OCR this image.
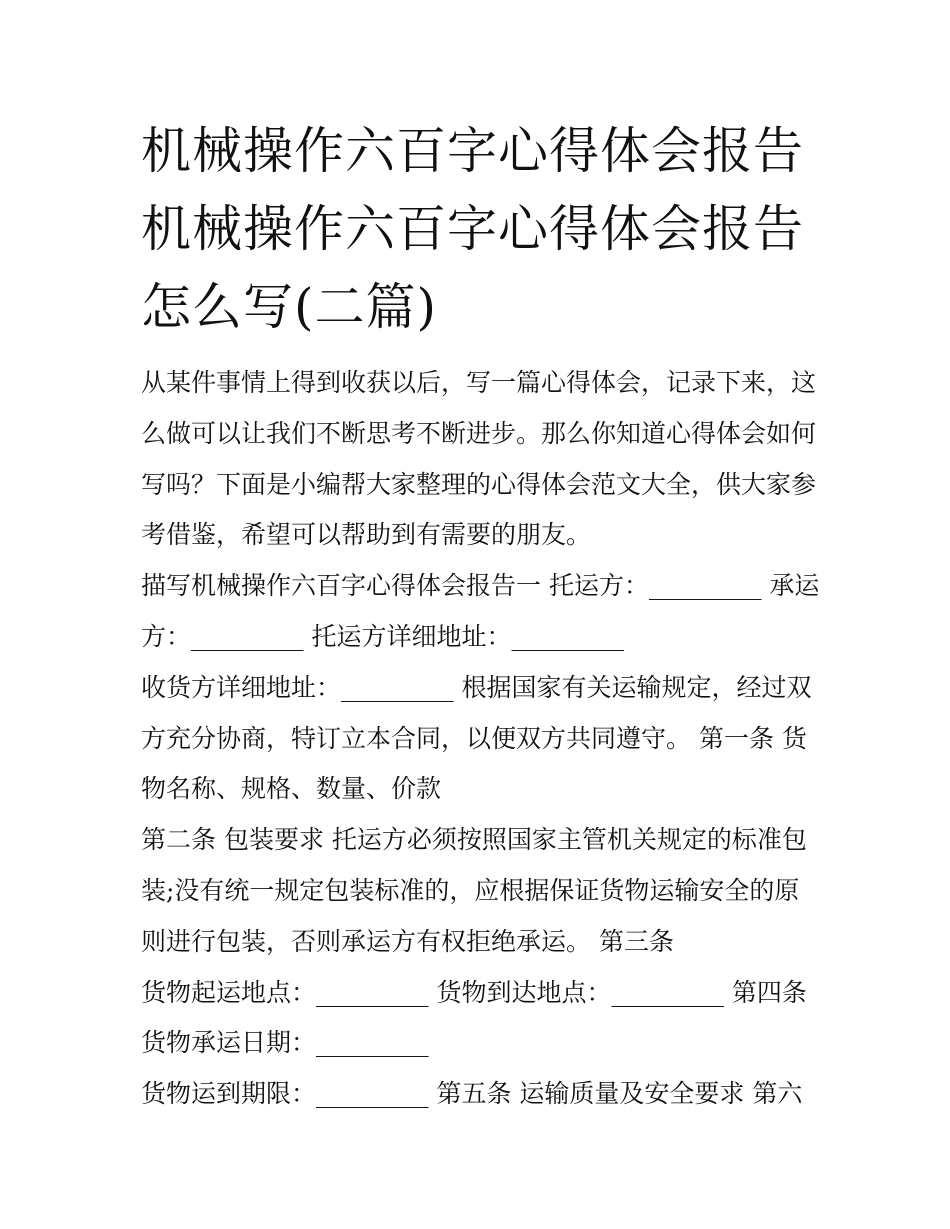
机械操作六百字心得体会报告
机械操作六百字心得体会报告
怎么写(二篇)

从某件事情上得到收获以后，写一篇心得体会，记录下来，这
么做可以让我们不断思考不断进步。那么你知道心得体会如何
写吗？下面是小编帮大家整理的心得体会范文大全，供大家参
考借鉴，希望可以帮助到有需要的朋友。

描写机械操作六百字心得体会报告一 托运方：_________ 承运
方：_________ 托运方详细地址：_________
收货方详细地址：_________ 根据国家有关运输规定，经过双
方充分协商，特订立本合同，以便双方共同遵守。 第一条 货
物名称、规格、数量、价款
第二条 包装要求 托运方必须按照国家主管机关规定的标准包
装;没有统一规定包装标准的，应根据保证货物运输安全的原
则进行包装，否则承运方有权拒绝承运。 第三条
货物起运地点：_________ 货物到达地点：_________ 第四条
货物承运日期：_________
货物运到期限：_________ 第五条 运输质量及安全要求 第六
